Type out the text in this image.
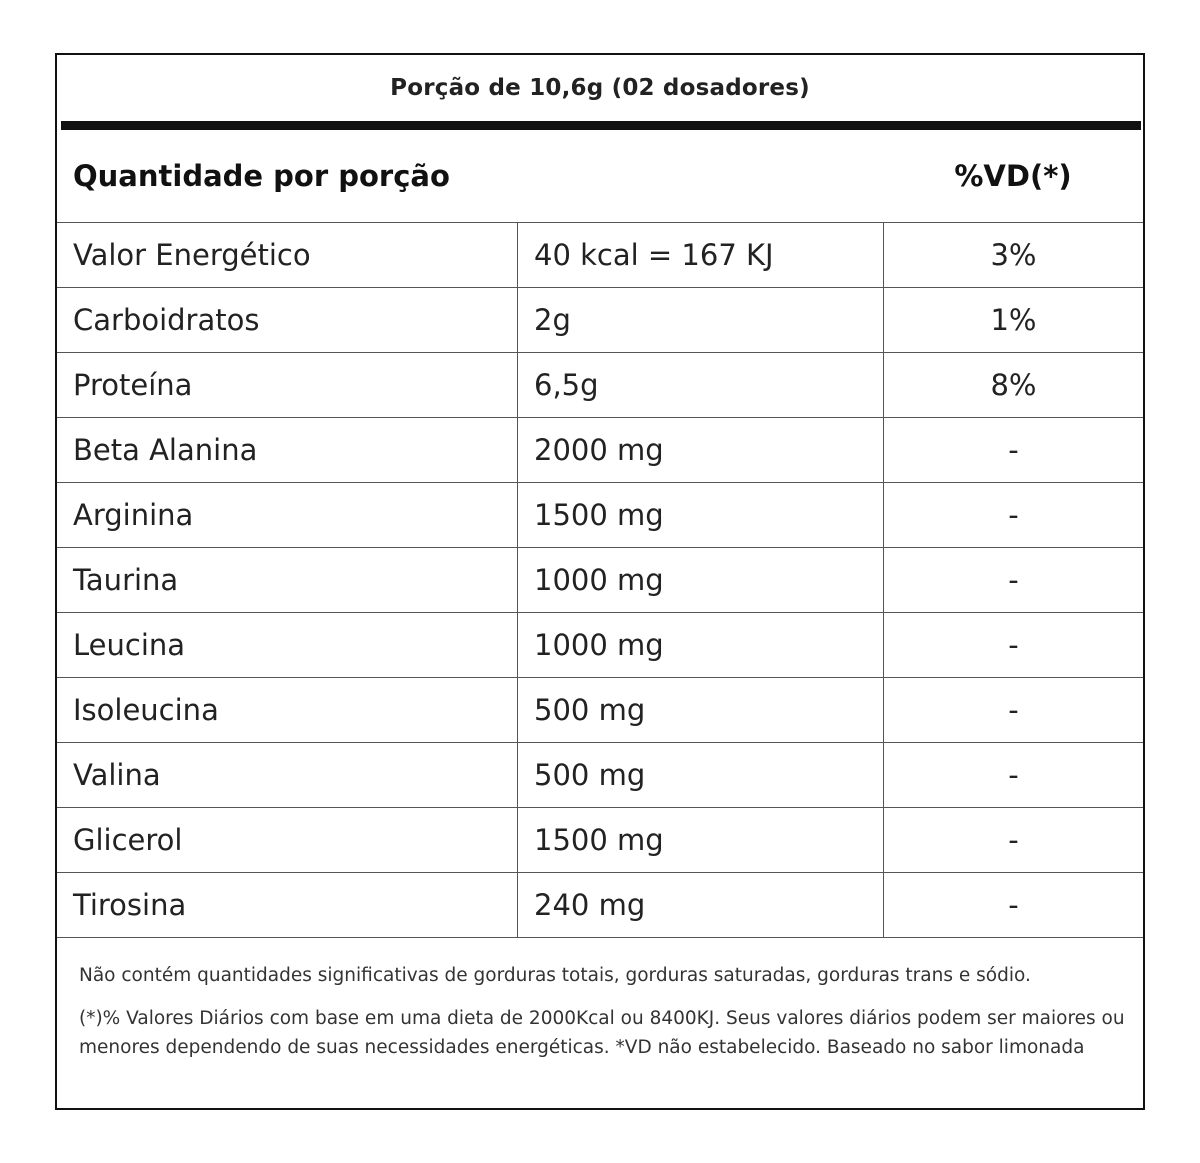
Porção de 10,6g (02 dosadores)
Quantidade por porção	%VD(*)
Valor Energético	40 kcal = 167 KJ	3%
Carboidratos	2g	1%
Proteína	6,5g	8%
Beta Alanina	2000 mg	-
Arginina	1500 mg	-
Taurina	1000 mg	-
Leucina	1000 mg	-
Isoleucina	500 mg	-
Valina	500 mg	-
Glicerol	1500 mg	-
Tirosina	240 mg	-

Não contém quantidades significativas de gorduras totais, gorduras saturadas, gorduras trans e sódio.

(*)% Valores Diários com base em uma dieta de 2000Kcal ou 8400KJ. Seus valores diários podem ser maiores ou menores dependendo de suas necessidades energéticas. *VD não estabelecido. Baseado no sabor limonada
